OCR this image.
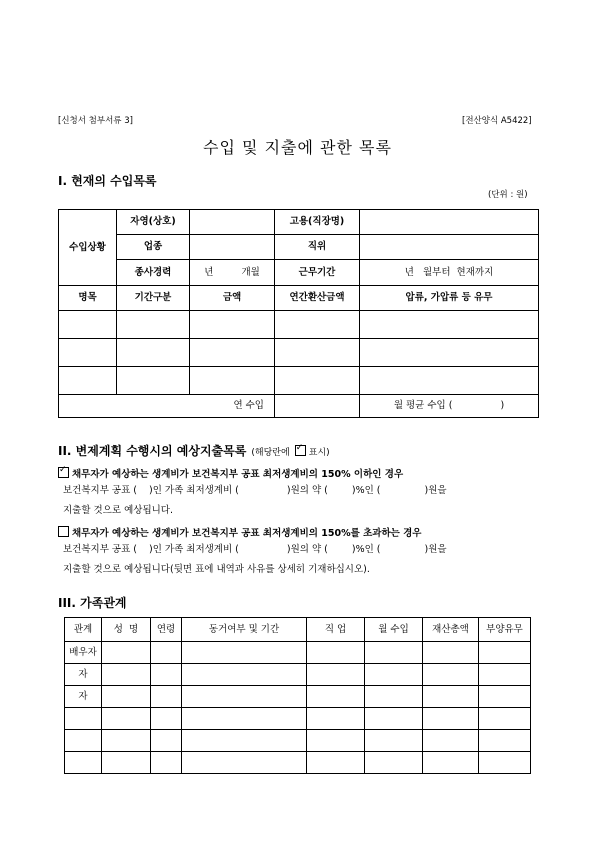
[신청서 첨부서류 3]	[전산양식 A5422]
수입 및 지출에 관한 목록
I. 현재의 수입목록
(단위 : 원)
수입상황	자영(상호)		고용(직장명)	
	업종		직위	
	종사경력	년 개월	근무기간	년   월부터  현재까지
명목	기간구분	금액	연간환산금액	압류, 가압류 등 유무

연 수입				월 평균 수입 ( )
II. 변제계획 수행시의 예상지출목록 (해당란에 ✓ 표시)
✓채무자가 예상하는 생계비가 보건복지부 공표 최저생계비의 150% 이하인 경우
보건복지부 공표 ( )인 가족 최저생계비 (	)원의 약 (	)%인 (	)원을
지출할 것으로 예상됩니다.
채무자가 예상하는 생계비가 보건복지부 공표 최저생계비의 150%를 초과하는 경우
보건복지부 공표 ( )인 가족 최저생계비 (	)원의 약 (	)%인 (	)원을
지출할 것으로 예상됩니다(뒷면 표에 내역과 사유를 상세히 기재하십시오).
III. 가족관계
관계	성  명	연령	동거여부 및 기간	직 업	월 수입	재산총액	부양유무
배우자							
자							
자							
